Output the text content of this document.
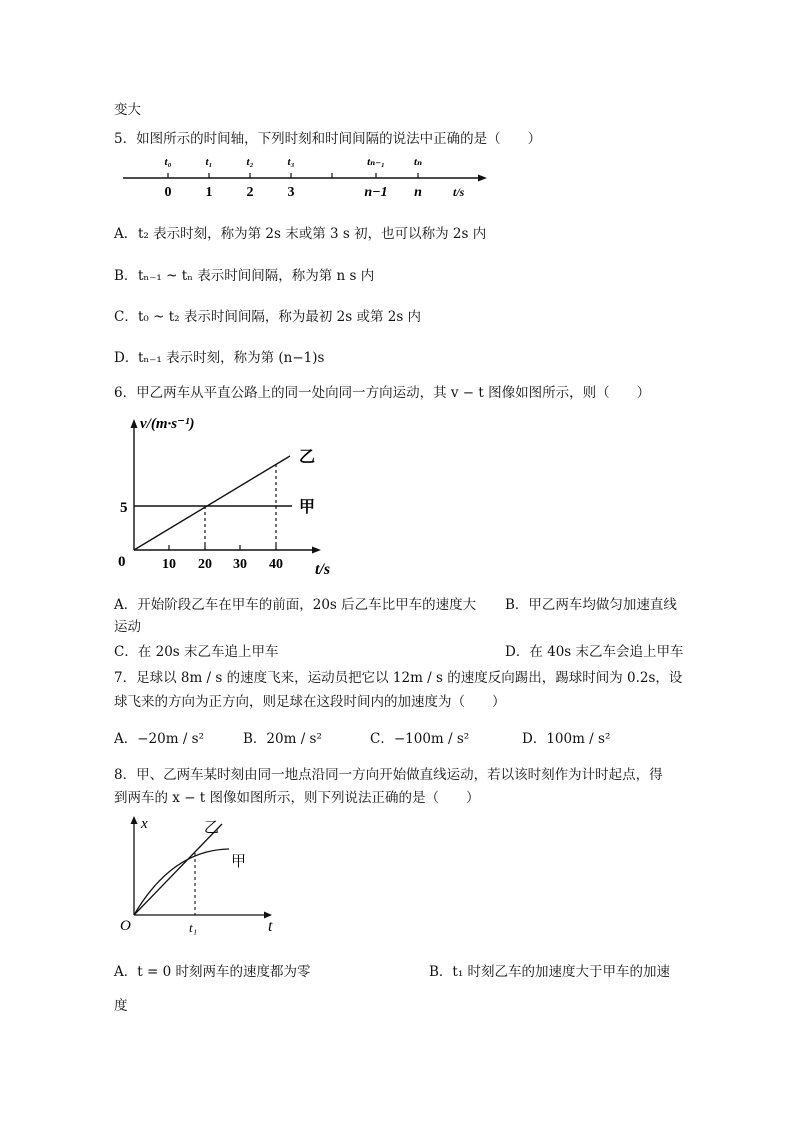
变大
5．如图所示的时间轴，下列时刻和时间间隔的说法中正确的是（　　）
t₀	t₁	t₂	t₃	tₙ₋₁	tₙ
0 1 2 3	n−1 n	t/s
A． t₂ 表示时刻，称为第 2s 末或第 3 s 初，也可以称为 2s 内
B． tₙ₋₁ ~ tₙ 表示时间间隔，称为第 n s 内
C． t₀ ~ t₂ 表示时间间隔，称为最初 2s 或第 2s 内
D． tₙ₋₁ 表示时刻，称为第 (n−1)s
6．甲乙两车从平直公路上的同一处向同一方向运动，其 v − t 图像如图所示，则（　　）
v/(m·s⁻¹)
5
0	10 20 30 40 t/s
乙
甲
A．开始阶段乙车在甲车的前面，20s 后乙车比甲车的速度大 B．甲乙两车均做匀加速直线
运动
C．在 20s 末乙车追上甲车	D．在 40s 末乙车会追上甲车
7．足球以 8m / s 的速度飞来，运动员把它以 12m / s 的速度反向踢出，踢球时间为 0.2s，设
球飞来的方向为正方向，则足球在这段时间内的加速度为（　　）
A．−20m / s²	B．20m / s²	C．−100m / s²	D．100m / s²
8．甲、乙两车某时刻由同一地点沿同一方向开始做直线运动，若以该时刻作为计时起点，得
到两车的 x − t 图像如图所示，则下列说法正确的是（　　）
x	乙
甲
O	t₁	t
A．t = 0 时刻两车的速度都为零	B．t₁ 时刻乙车的加速度大于甲车的加速
度
